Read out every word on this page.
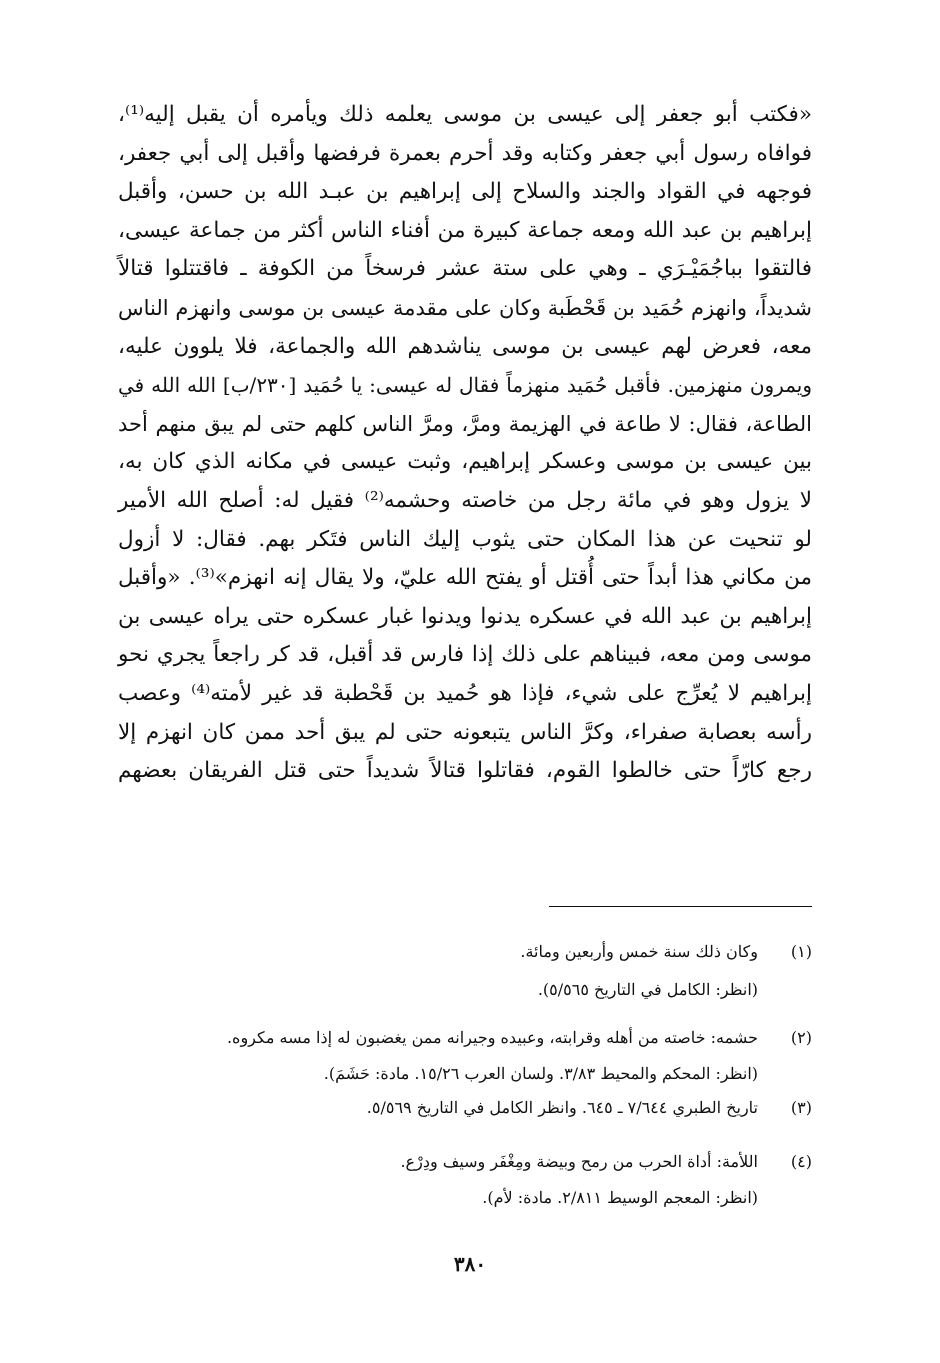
«فكتب أبو جعفر إلى عيسى بن موسى يعلمه ذلك ويأمره أن يقبل إليه⁽¹⁾،
فوافاه رسول أبي جعفر وكتابه وقد أحرم بعمرة فرفضها وأقبل إلى أبي جعفر،
فوجهه في القواد والجند والسلاح إلى إبراهيم بن عبـد الله بن حسن، وأقبل
إبراهيم بن عبد الله ومعه جماعة كبيرة من أفناء الناس أكثر من جماعة عيسى،
فالتقوا بباجُمَيْـرَي ـ وهي على ستة عشر فرسخاً من الكوفة ـ فاقتتلوا قتالاً
شديداً، وانهزم حُمَيد بن قَحْطَبة وكان على مقدمة عيسى بن موسى وانهزم الناس
معه، فعرض لهم عيسى بن موسى يناشدهم الله والجماعة، فلا يلوون عليه،
ويمرون منهزمين. فأقبل حُمَيد منهزماً فقال له عيسى: يا حُمَيد [٢٣٠/ب] الله الله في
الطاعة، فقال: لا طاعة في الهزيمة ومرَّ، ومرَّ الناس كلهم حتى لم يبق منهم أحد
بين عيسى بن موسى وعسكر إبراهيم، وثبت عيسى في مكانه الذي كان به،
لا يزول وهو في مائة رجل من خاصته وحشمه⁽²⁾ فقيل له: أصلح الله الأمير
لو تنحيت عن هذا المكان حتى يثوب إليك الناس فتَكر بهم. فقال: لا أزول
من مكاني هذا أبداً حتى أُقتل أو يفتح الله عليّ، ولا يقال إنه انهزم»⁽³⁾. «وأقبل
إبراهيم بن عبد الله في عسكره يدنوا ويدنوا غبار عسكره حتى يراه عيسى بن
موسى ومن معه، فبيناهم على ذلك إذا فارس قد أقبل، قد كر راجعاً يجري نحو
إبراهيم لا يُعرِّج على شيء، فإذا هو حُميد بن قَحْطبة قد غير لأمته⁽⁴⁾ وعصب
رأسه بعصابة صفراء، وكرَّ الناس يتبعونه حتى لم يبق أحد ممن كان انهزم إلا
رجع كارّاً حتى خالطوا القوم، فقاتلوا قتالاً شديداً حتى قتل الفريقان بعضهم
(١)
وكان ذلك سنة خمس وأربعين ومائة.
(انظر: الكامل في التاريخ ٥/٥٦٥).
(٢)
حشمه: خاصته من أهله وقرابته، وعبيده وجيرانه ممن يغضبون له إذا مسه مكروه.
(انظر: المحكم والمحيط ٣/٨٣. ولسان العرب ١٥/٢٦. مادة: حَشَمَ).
(٣)
تاريخ الطبري ٧/٦٤٤ ـ ٦٤٥. وانظر الكامل في التاريخ ٥/٥٦٩.
(٤)
اللأمة: أداة الحرب من رمح وبيضة ومِغْفَر وسيف ودِرْع.
(انظر: المعجم الوسيط ٢/٨١١. مادة: لأم).
٣٨٠
